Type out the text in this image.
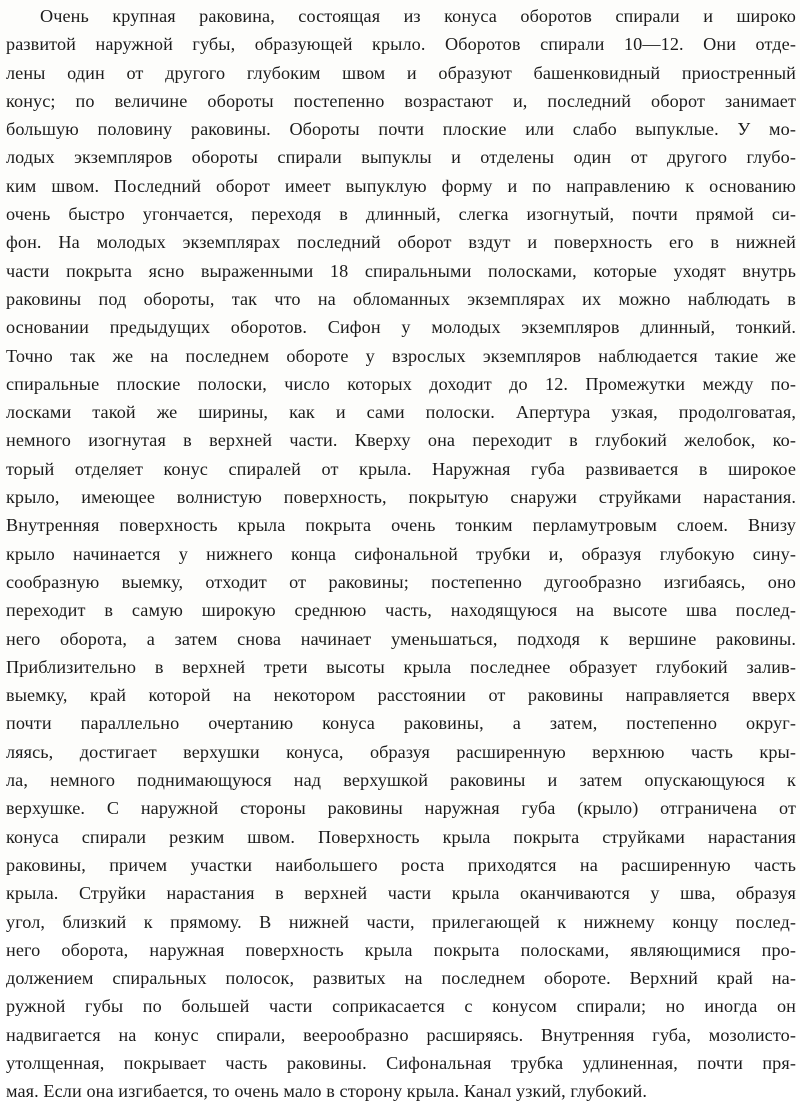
Очень крупная раковина, состоящая из конуса оборотов спирали и широко
развитой наружной губы, образующей крыло. Оборотов спирали 10—12. Они отде-
лены один от другого глубоким швом и образуют башенковидный приостренный
конус; по величине обороты постепенно возрастают и, последний оборот занимает
большую половину раковины. Обороты почти плоские или слабо выпуклые. У мо-
лодых экземпляров обороты спирали выпуклы и отделены один от другого глубо-
ким швом. Последний оборот имеет выпуклую форму и по направлению к основанию
очень быстро угончается, переходя в длинный, слегка изогнутый, почти прямой си-
фон. На молодых экземплярах последний оборот вздут и поверхность его в нижней
части покрыта ясно выраженными 18 спиральными полосками, которые уходят внутрь
раковины под обороты, так что на обломанных экземплярах их можно наблюдать в
основании предыдущих оборотов. Сифон у молодых экземпляров длинный, тонкий.
Точно так же на последнем обороте у взрослых экземпляров наблюдается такие же
спиральные плоские полоски, число которых доходит до 12. Промежутки между по-
лосками такой же ширины, как и сами полоски. Апертура узкая, продолговатая,
немного изогнутая в верхней части. Кверху она переходит в глубокий желобок, ко-
торый отделяет конус спиралей от крыла. Наружная губа развивается в широкое
крыло, имеющее волнистую поверхность, покрытую снаружи струйками нарастания.
Внутренняя поверхность крыла покрыта очень тонким перламутровым слоем. Внизу
крыло начинается у нижнего конца сифональной трубки и, образуя глубокую сину-
сообразную выемку, отходит от раковины; постепенно дугообразно изгибаясь, оно
переходит в самую широкую среднюю часть, находящуюся на высоте шва послед-
него оборота, а затем снова начинает уменьшаться, подходя к вершине раковины.
Приблизительно в верхней трети высоты крыла последнее образует глубокий залив-
выемку, край которой на некотором расстоянии от раковины направляется вверх
почти параллельно очертанию конуса раковины, а затем, постепенно округ-
ляясь, достигает верхушки конуса, образуя расширенную верхнюю часть кры-
ла, немного поднимающуюся над верхушкой раковины и затем опускающуюся к
верхушке. С наружной стороны раковины наружная губа (крыло) отграничена от
конуса спирали резким швом. Поверхность крыла покрыта струйками нарастания
раковины, причем участки наибольшего роста приходятся на расширенную часть
крыла. Струйки нарастания в верхней части крыла оканчиваются у шва, образуя
угол, близкий к прямому. В нижней части, прилегающей к нижнему концу послед-
него оборота, наружная поверхность крыла покрыта полосками, являющимися про-
должением спиральных полосок, развитых на последнем обороте. Верхний край на-
ружной губы по большей части соприкасается с конусом спирали; но иногда он
надвигается на конус спирали, веерообразно расширяясь. Внутренняя губа, мозолисто-
утолщенная, покрывает часть раковины. Сифональная трубка удлиненная, почти пря-
мая. Если она изгибается, то очень мало в сторону крыла. Канал узкий, глубокий.
